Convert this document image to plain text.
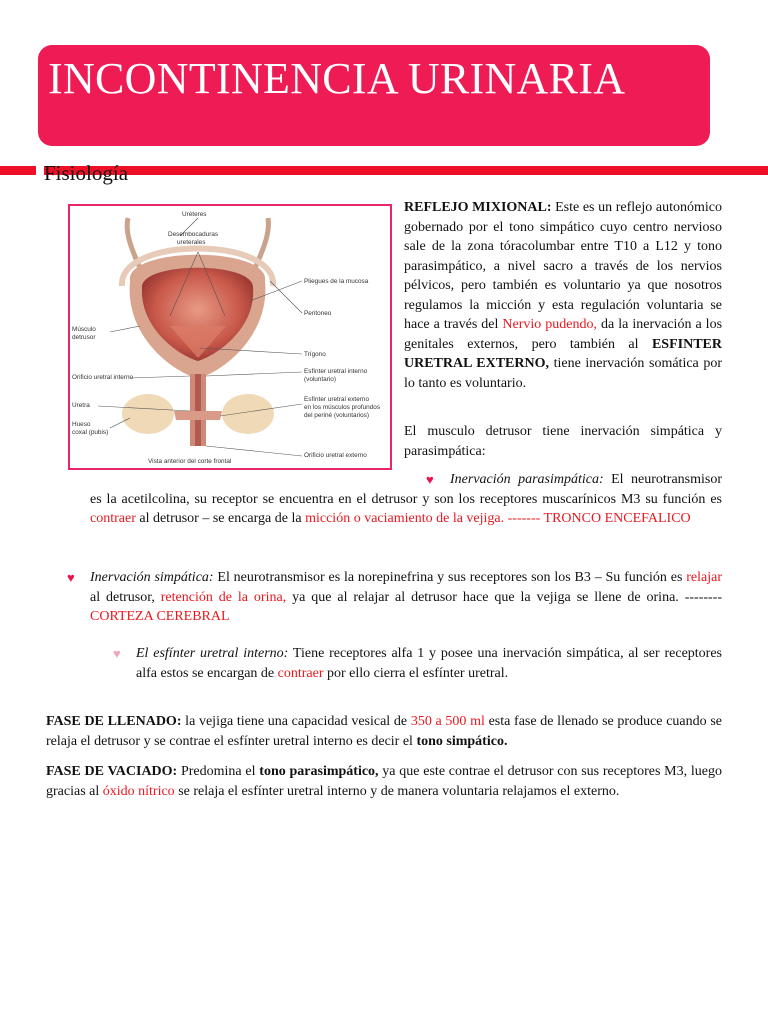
INCONTINENCIA URINARIA
Fisiología
Uréteres
Desembocaduras
ureterales
Pliegues de la mucosa
Peritoneo
Músculo
detrusor
Trígono
Orificio uretral interno
Esfínter uretral interno
(voluntario)
Uretra
Esfínter uretral externo
en los músculos profundos
del periné (voluntarios)
Hueso
coxal (pubis)
Orificio uretral externo
Vista anterior del corte frontal
REFLEJO MIXIONAL: Este es un reflejo autonómico gobernado por el tono simpático cuyo centro nervioso sale de la zona tóracolumbar entre T10 a L12 y tono parasimpático, a nivel sacro a través de los nervios pélvicos, pero también es voluntario ya que nosotros regulamos la micción y esta regulación voluntaria se hace a través del Nervio pudendo, da la inervación a los genitales externos, pero también al ESFINTER URETRAL EXTERNO, tiene inervación somática por lo tanto es voluntario.
El musculo detrusor tiene inervación simpática y parasimpática:
♥	Inervación parasimpática: El neurotransmisor es la acetilcolina, su receptor se encuentra en el detrusor y son los receptores muscarínicos M3 su función es contraer al detrusor – se encarga de la micción o vaciamiento de la vejiga. ------- TRONCO ENCEFALICO
♥ Inervación simpática: El neurotransmisor es la norepinefrina y sus receptores son los B3 – Su función es relajar al detrusor, retención de la orina, ya que al relajar al detrusor hace que la vejiga se llene de orina. -------- CORTEZA CEREBRAL
♥ El esfínter uretral interno: Tiene receptores alfa 1 y posee una inervación simpática, al ser receptores alfa estos se encargan de contraer por ello cierra el esfínter uretral.
FASE DE LLENADO: la vejiga tiene una capacidad vesical de 350 a 500 ml esta fase de llenado se produce cuando se relaja el detrusor y se contrae el esfínter uretral interno es decir el tono simpático.
FASE DE VACIADO: Predomina el tono parasimpático, ya que este contrae el detrusor con sus receptores M3, luego gracias al óxido nítrico se relaja el esfínter uretral interno y de manera voluntaria relajamos el externo.
